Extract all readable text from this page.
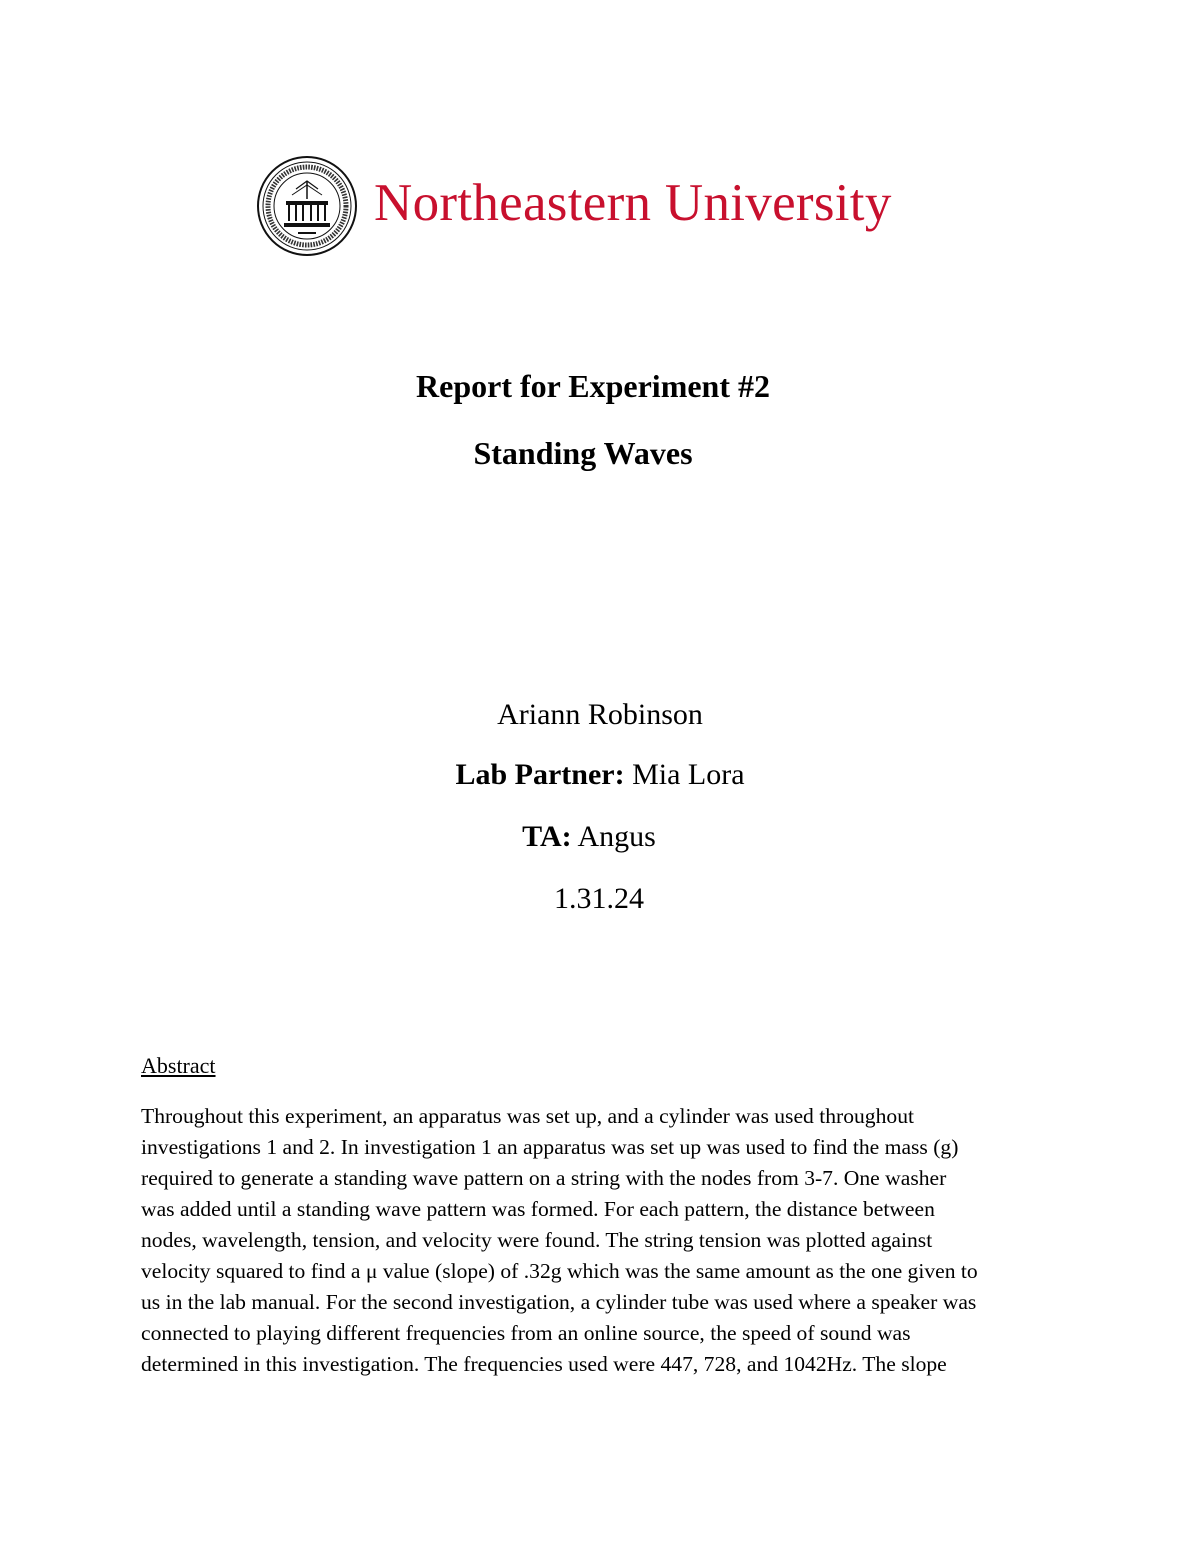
Northeastern University
Report for Experiment #2
Standing Waves
Ariann Robinson
Lab Partner: Mia Lora
TA: Angus
1.31.24
Abstract
Throughout this experiment, an apparatus was set up, and a cylinder was used throughout
investigations 1 and 2. In investigation 1 an apparatus was set up was used to find the mass (g)
required to generate a standing wave pattern on a string with the nodes from 3-7. One washer
was added until a standing wave pattern was formed. For each pattern, the distance between
nodes, wavelength, tension, and velocity were found. The string tension was plotted against
velocity squared to find a μ value (slope) of .32g which was the same amount as the one given to
us in the lab manual. For the second investigation, a cylinder tube was used where a speaker was
connected to playing different frequencies from an online source, the speed of sound was
determined in this investigation. The frequencies used were 447, 728, and 1042Hz. The slope
